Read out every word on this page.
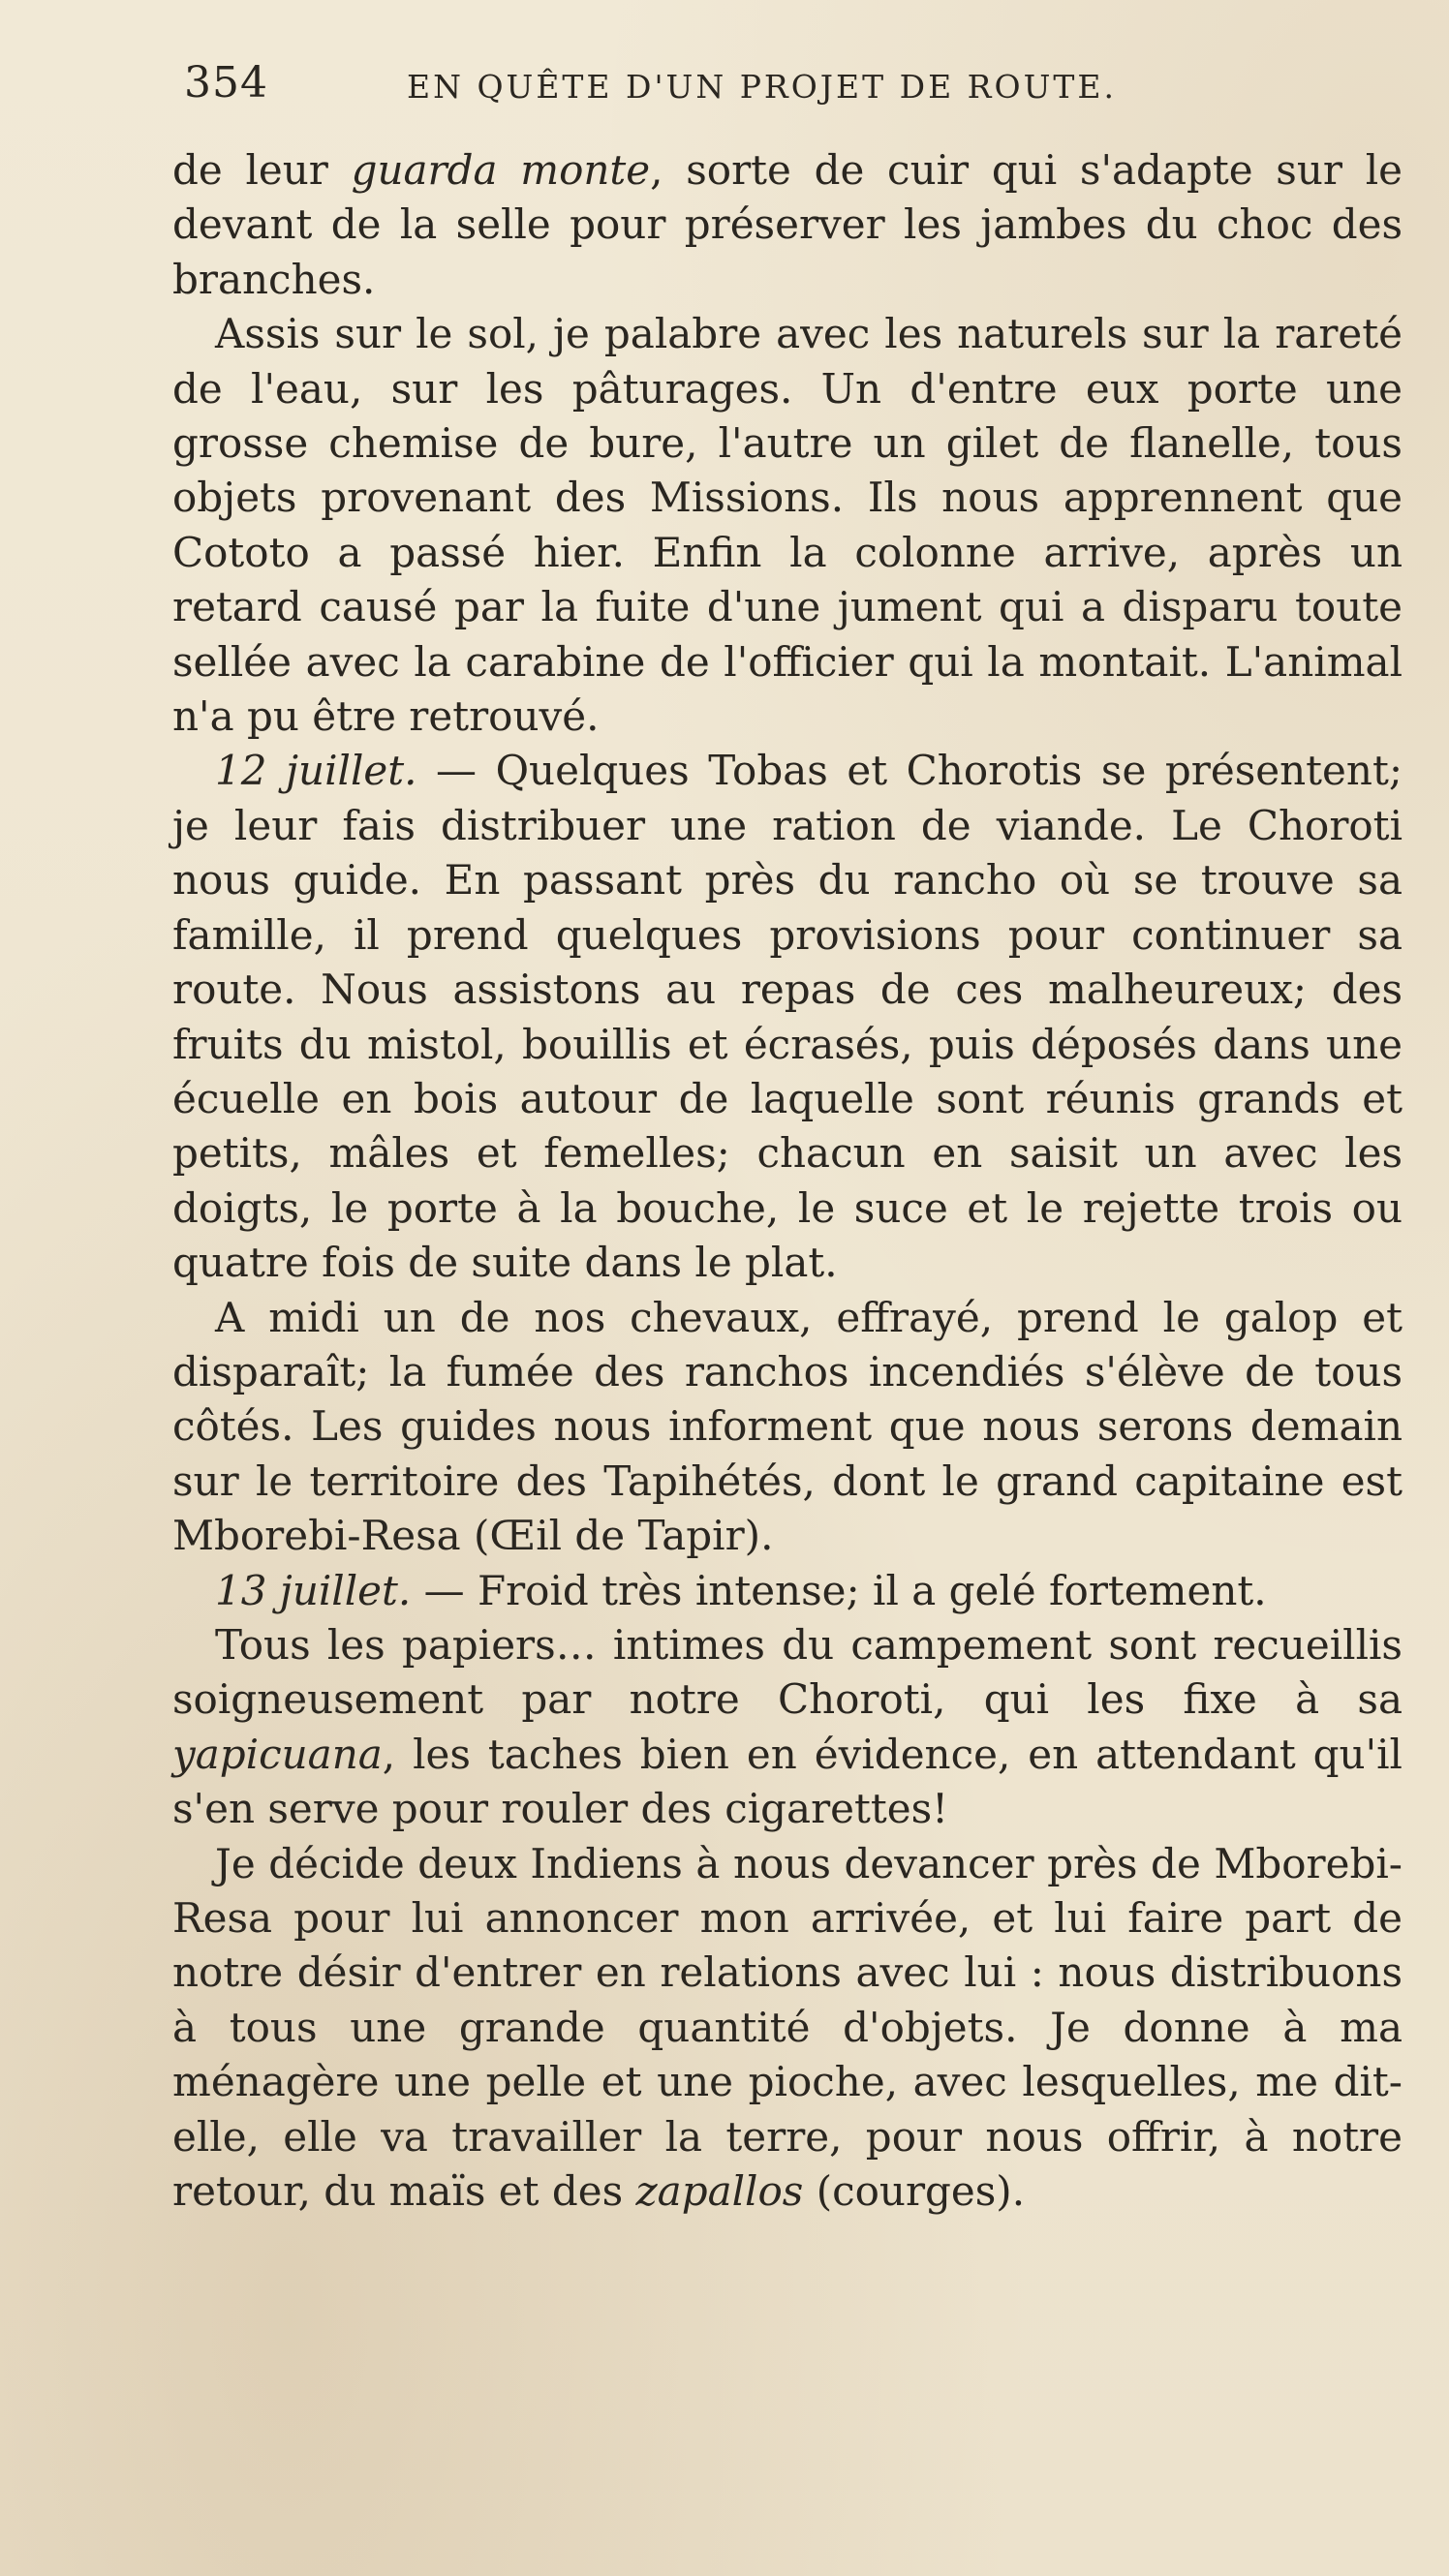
354	EN QUÊTE D'UN PROJET DE ROUTE.

de leur guarda monte, sorte de cuir qui s'adapte sur le devant de la selle pour préserver les jambes du choc des branches.

Assis sur le sol, je palabre avec les naturels sur la rareté de l'eau, sur les pâturages. Un d'entre eux porte une grosse chemise de bure, l'autre un gilet de flanelle, tous objets provenant des Missions. Ils nous apprennent que Cototo a passé hier. Enfin la colonne arrive, après un retard causé par la fuite d'une jument qui a disparu toute sellée avec la carabine de l'officier qui la montait. L'animal n'a pu être retrouvé.

12 juillet. — Quelques Tobas et Chorotis se présentent; je leur fais distribuer une ration de viande. Le Choroti nous guide. En passant près du rancho où se trouve sa famille, il prend quelques provisions pour continuer sa route. Nous assistons au repas de ces malheureux; des fruits du mistol, bouillis et écrasés, puis déposés dans une écuelle en bois autour de laquelle sont réunis grands et petits, mâles et femelles; chacun en saisit un avec les doigts, le porte à la bouche, le suce et le rejette trois ou quatre fois de suite dans le plat.

A midi un de nos chevaux, effrayé, prend le galop et disparaît; la fumée des ranchos incendiés s'élève de tous côtés. Les guides nous informent que nous serons demain sur le territoire des Tapihétés, dont le grand capitaine est Mborebi-Resa (Œil de Tapir).

13 juillet. — Froid très intense; il a gelé fortement.

Tous les papiers… intimes du campement sont recueillis soigneusement par notre Choroti, qui les fixe à sa yapicuana, les taches bien en évidence, en attendant qu'il s'en serve pour rouler des cigarettes!

Je décide deux Indiens à nous devancer près de Mborebi-Resa pour lui annoncer mon arrivée, et lui faire part de notre désir d'entrer en relations avec lui : nous distribuons à tous une grande quantité d'objets. Je donne à ma ménagère une pelle et une pioche, avec lesquelles, me dit-elle, elle va travailler la terre, pour nous offrir, à notre retour, du maïs et des zapallos (courges).
